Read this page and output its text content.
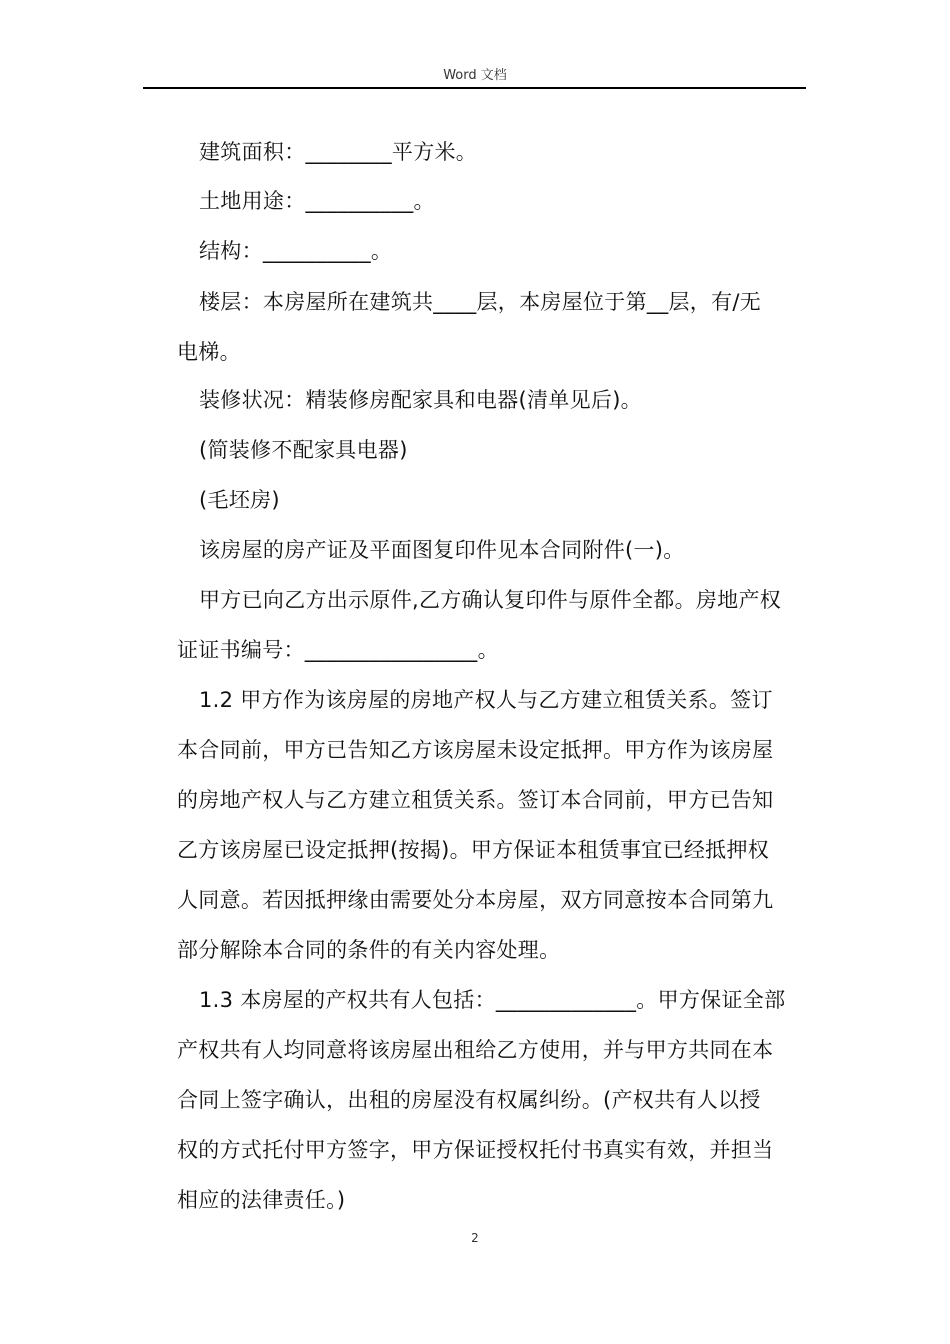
Word 文档
建筑面积：________平方米。
土地用途：__________。
结构：__________。
楼层：本房屋所在建筑共____层，本房屋位于第__层，有/无
电梯。
装修状况：精装修房配家具和电器(清单见后)。
(简装修不配家具电器)
(毛坯房)
该房屋的房产证及平面图复印件见本合同附件(一)。
甲方已向乙方出示原件,乙方确认复印件与原件全都。房地产权
证证书编号：________________。
1.2 甲方作为该房屋的房地产权人与乙方建立租赁关系。签订
本合同前，甲方已告知乙方该房屋未设定抵押。甲方作为该房屋
的房地产权人与乙方建立租赁关系。签订本合同前，甲方已告知
乙方该房屋已设定抵押(按揭)。甲方保证本租赁事宜已经抵押权
人同意。若因抵押缘由需要处分本房屋，双方同意按本合同第九
部分解除本合同的条件的有关内容处理。
1.3 本房屋的产权共有人包括：_____________。甲方保证全部
产权共有人均同意将该房屋出租给乙方使用，并与甲方共同在本
合同上签字确认，出租的房屋没有权属纠纷。(产权共有人以授
权的方式托付甲方签字，甲方保证授权托付书真实有效，并担当
相应的法律责任。)
2
